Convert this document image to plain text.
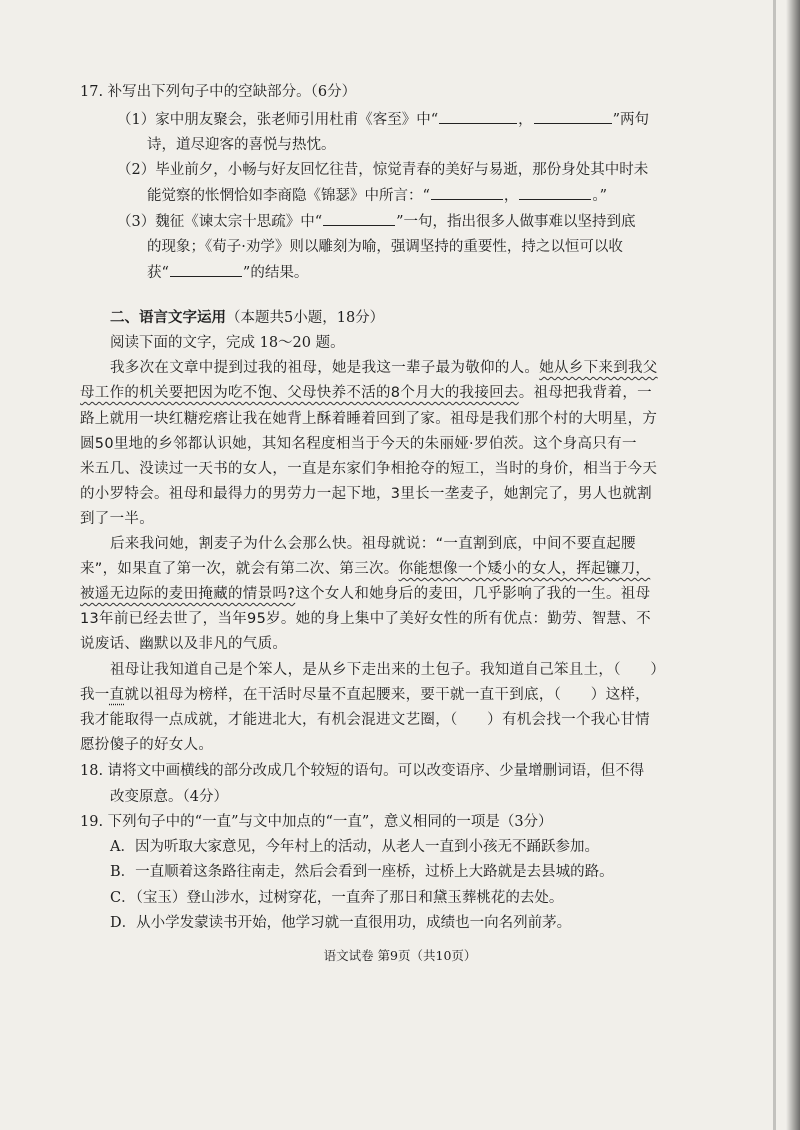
17. 补写出下列句子中的空缺部分。（6分）
（1）家中朋友聚会，张老师引用杜甫《客至》中“	，	”两句
诗，道尽迎客的喜悦与热忱。
（2）毕业前夕，小畅与好友回忆往昔，惊觉青春的美好与易逝，那份身处其中时未
能觉察的怅惘恰如李商隐《锦瑟》中所言：“	，	。”
（3）魏征《谏太宗十思疏》中“	”一句，指出很多人做事难以坚持到底
的现象；《荀子·劝学》则以雕刻为喻，强调坚持的重要性，持之以恒可以收
获“	”的结果。
二、语言文字运用（本题共5小题，18分）
阅读下面的文字，完成 18～20 题。
我多次在文章中提到过我的祖母，她是我这一辈子最为敬仰的人。她从乡下来到我父
母工作的机关要把因为吃不饱、父母快养不活的8个月大的我接回去。祖母把我背着，一
路上就用一块红糖疙瘩让我在她背上酥着睡着回到了家。祖母是我们那个村的大明星，方
圆50里地的乡邻都认识她，其知名程度相当于今天的朱丽娅·罗伯茨。这个身高只有一
米五几、没读过一天书的女人，一直是东家们争相抢夺的短工，当时的身价，相当于今天
的小罗特会。祖母和最得力的男劳力一起下地，3里长一垄麦子，她割完了，男人也就割
到了一半。
后来我问她，割麦子为什么会那么快。祖母就说：“一直割到底，中间不要直起腰
来”，如果直了第一次，就会有第二次、第三次。你能想像一个矮小的女人，挥起镰刀，
被遥无边际的麦田掩藏的情景吗?这个女人和她身后的麦田，几乎影响了我的一生。祖母
13年前已经去世了，当年95岁。她的身上集中了美好女性的所有优点：勤劳、智慧、不
说废话、幽默以及非凡的气质。
祖母让我知道自己是个笨人，是从乡下走出来的土包子。我知道自己笨且土，（　　）
我一直就以祖母为榜样，在干活时尽量不直起腰来，要干就一直干到底，（　　）这样，
我才能取得一点成就，才能进北大，有机会混进文艺圈，（　　）有机会找一个我心甘情
愿扮傻子的好女人。
18. 请将文中画横线的部分改成几个较短的语句。可以改变语序、少量增删词语，但不得
改变原意。（4分）
19. 下列句子中的“一直”与文中加点的“一直”，意义相同的一项是（3分）
A．因为听取大家意见，今年村上的活动，从老人一直到小孩无不踊跃参加。
B．一直顺着这条路往南走，然后会看到一座桥，过桥上大路就是去县城的路。
C．（宝玉）登山涉水，过树穿花，一直奔了那日和黛玉葬桃花的去处。
D．从小学发蒙读书开始，他学习就一直很用功，成绩也一向名列前茅。
语文试卷 第9页（共10页）
